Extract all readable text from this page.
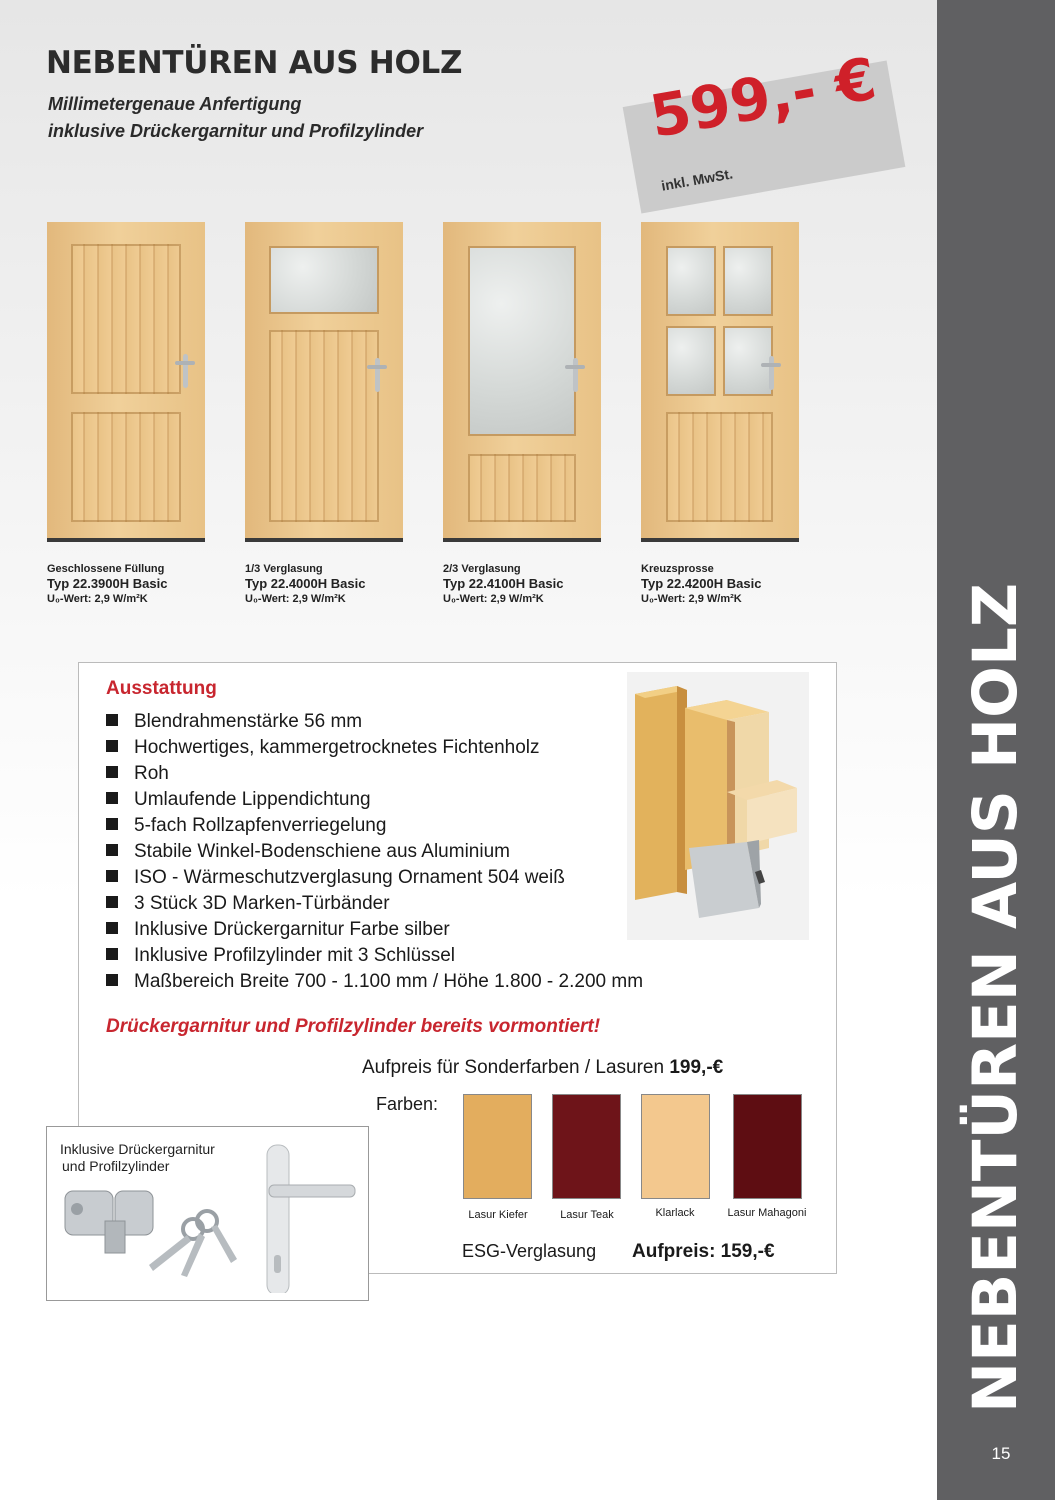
NEBENTÜREN AUS HOLZ
15
NEBENTÜREN AUS HOLZ
Millimetergenaue Anfertigung
inklusive Drückergarnitur und Profilzylinder	599,- €
inkl. MwSt.
Geschlossene Füllung
Typ 22.3900H Basic
U₀-Wert: 2,9 W/m²K
1/3 Verglasung
Typ 22.4000H Basic
U₀-Wert: 2,9 W/m²K
2/3 Verglasung
Typ 22.4100H Basic
U₀-Wert: 2,9 W/m²K
Kreuzsprosse
Typ 22.4200H Basic
U₀-Wert: 2,9 W/m²K
Ausstattung
Blendrahmenstärke 56 mm
Hochwertiges, kammergetrocknetes Fichtenholz
Roh
Umlaufende Lippendichtung
5-fach Rollzapfenverriegelung
Stabile Winkel-Bodenschiene aus Aluminium
ISO - Wärmeschutzverglasung Ornament 504 weiß
3 Stück 3D Marken-Türbänder
Inklusive Drückergarnitur Farbe silber
Inklusive Profilzylinder mit 3 Schlüssel
Maßbereich Breite 700 - 1.100 mm / Höhe 1.800 - 2.200 mm
Drückergarnitur und Profilzylinder bereits vormontiert!
Aufpreis für Sonderfarben / Lasuren 199,-€
Farben:
Lasur Kiefer	Lasur Teak	Klarlack	Lasur Mahagoni
ESG-Verglasung Aufpreis: 159,-€
Inklusive Drückergarnitur
und Profilzylinder
